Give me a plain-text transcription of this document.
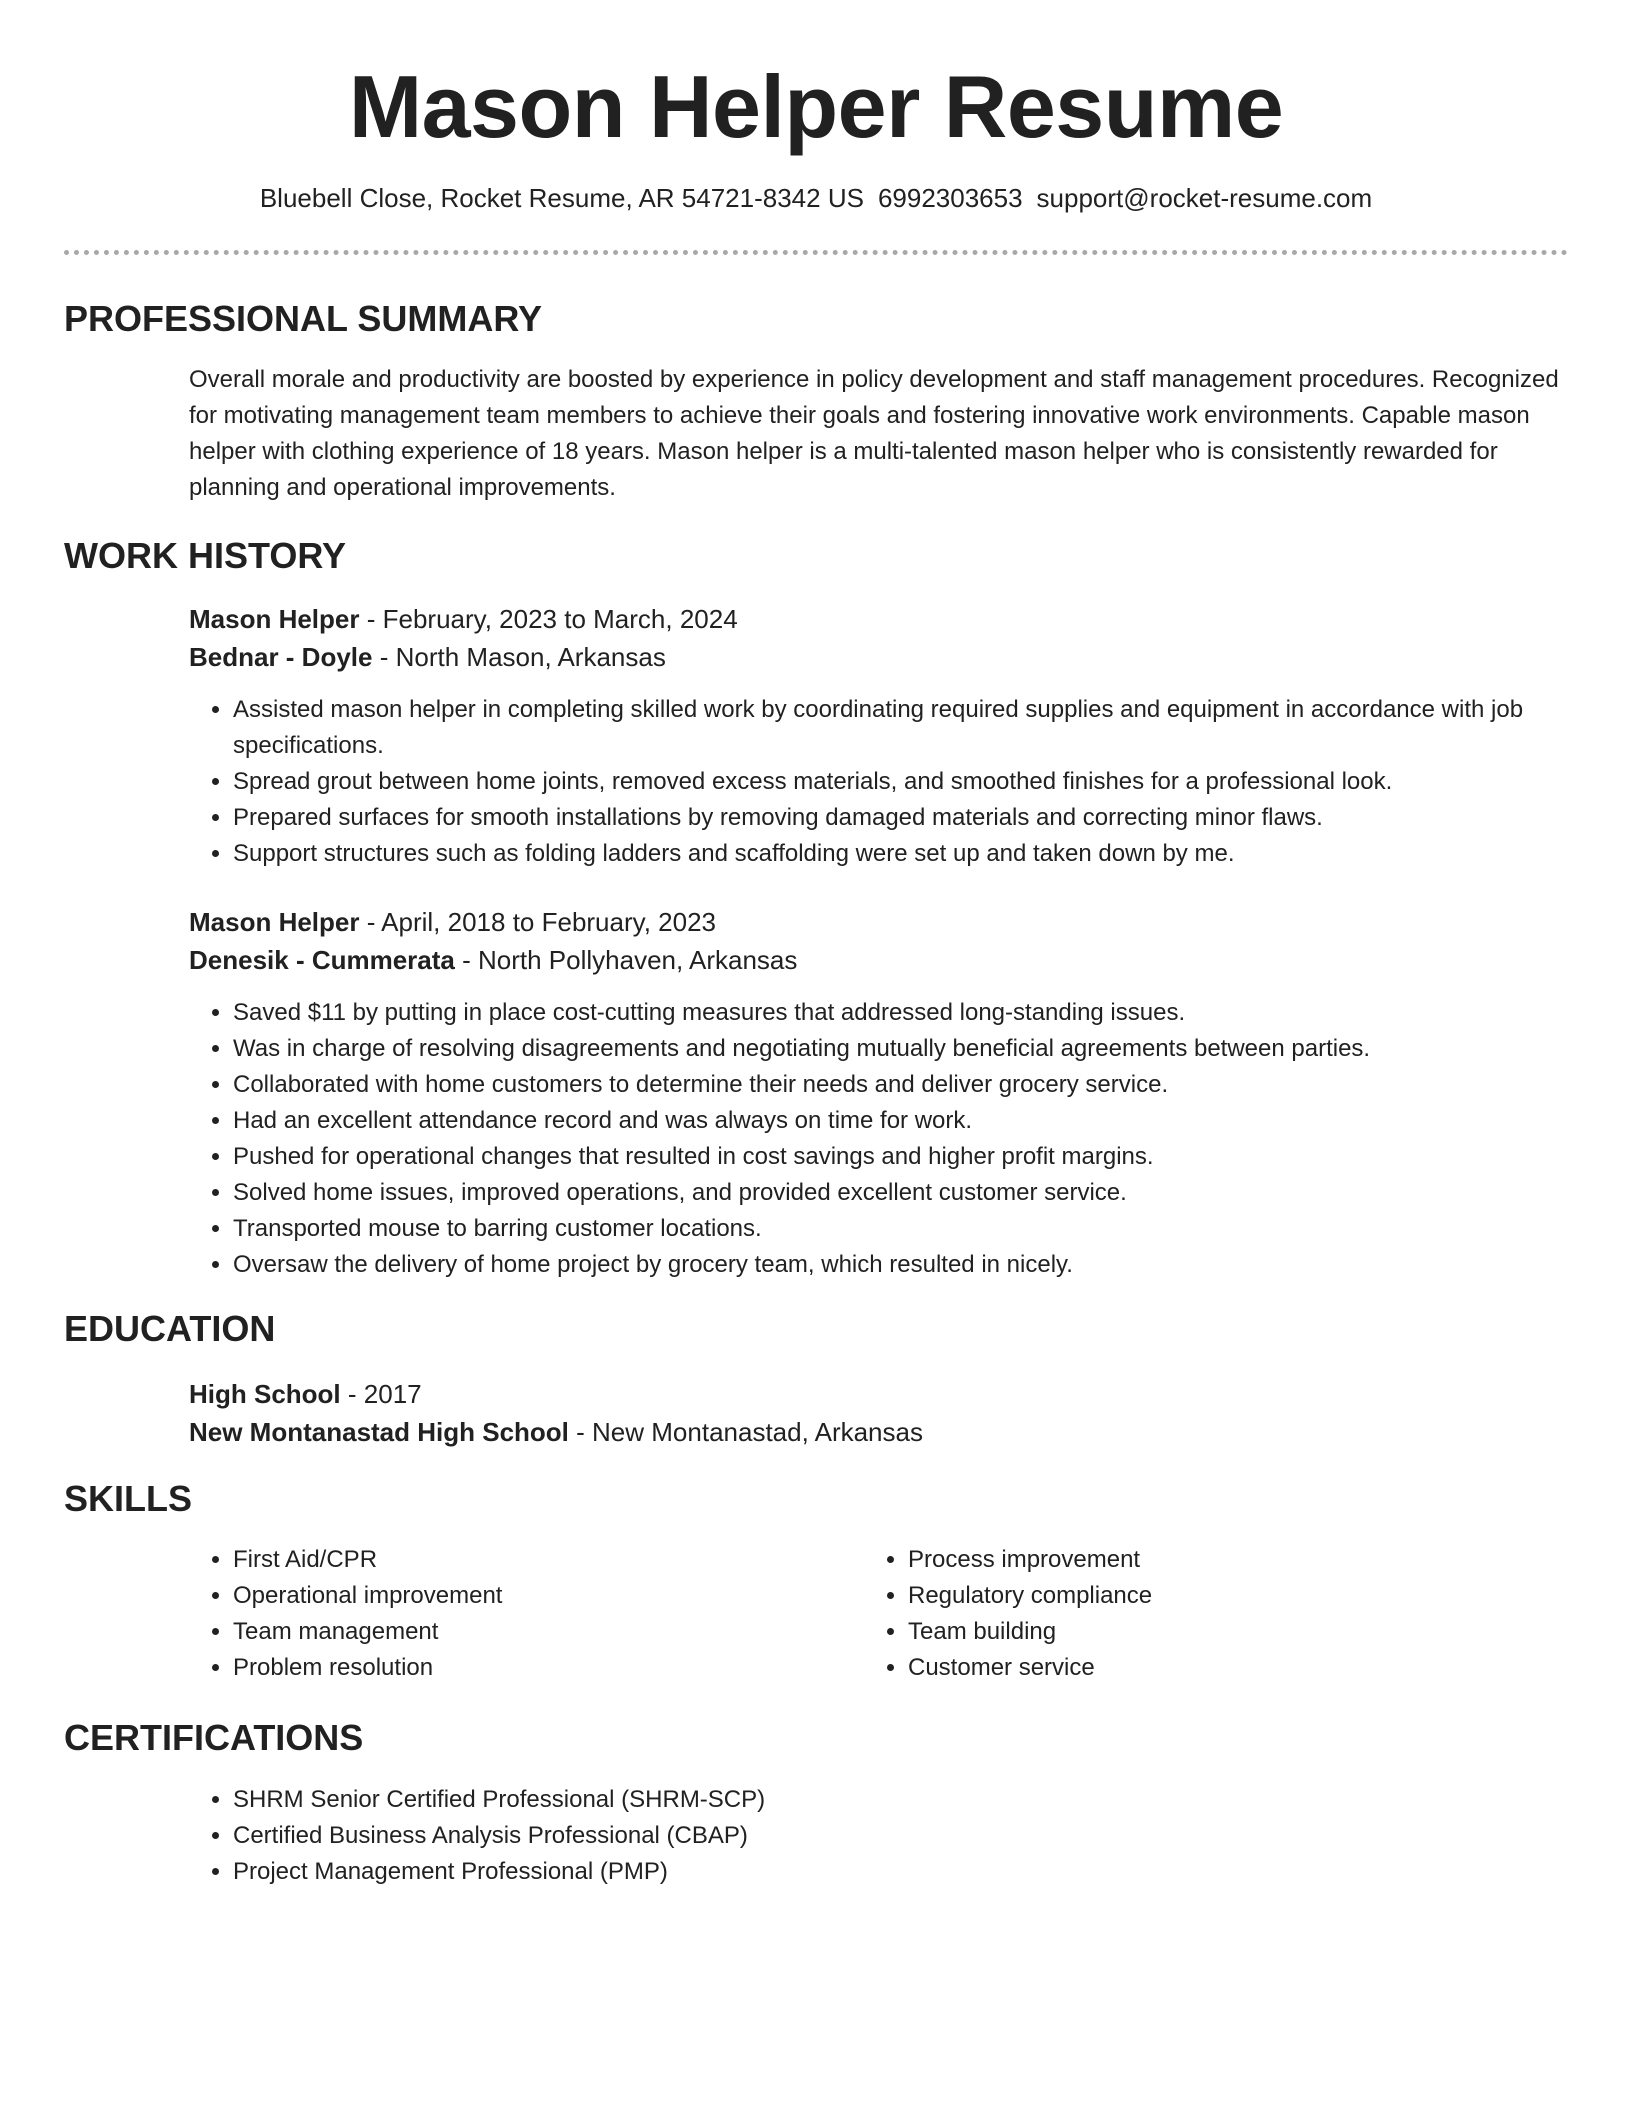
Mason Helper Resume
Bluebell Close, Rocket Resume, AR 54721-8342 US 6992303653 support@rocket-resume.com
PROFESSIONAL SUMMARY
Overall morale and productivity are boosted by experience in policy development and staff management procedures. Recognized for motivating management team members to achieve their goals and fostering innovative work environments. Capable mason helper with clothing experience of 18 years. Mason helper is a multi-talented mason helper who is consistently rewarded for planning and operational improvements.
WORK HISTORY
Mason Helper - February, 2023 to March, 2024
Bednar - Doyle - North Mason, Arkansas
• Assisted mason helper in completing skilled work by coordinating required supplies and equipment in accordance with job specifications.
• Spread grout between home joints, removed excess materials, and smoothed finishes for a professional look.
• Prepared surfaces for smooth installations by removing damaged materials and correcting minor flaws.
• Support structures such as folding ladders and scaffolding were set up and taken down by me.
Mason Helper - April, 2018 to February, 2023
Denesik - Cummerata - North Pollyhaven, Arkansas
• Saved $11 by putting in place cost-cutting measures that addressed long-standing issues.
• Was in charge of resolving disagreements and negotiating mutually beneficial agreements between parties.
• Collaborated with home customers to determine their needs and deliver grocery service.
• Had an excellent attendance record and was always on time for work.
• Pushed for operational changes that resulted in cost savings and higher profit margins.
• Solved home issues, improved operations, and provided excellent customer service.
• Transported mouse to barring customer locations.
• Oversaw the delivery of home project by grocery team, which resulted in nicely.
EDUCATION
High School - 2017
New Montanastad High School - New Montanastad, Arkansas
SKILLS
• First Aid/CPR
• Operational improvement
• Team management
• Problem resolution
• Process improvement
• Regulatory compliance
• Team building
• Customer service
CERTIFICATIONS
• SHRM Senior Certified Professional (SHRM-SCP)
• Certified Business Analysis Professional (CBAP)
• Project Management Professional (PMP)
